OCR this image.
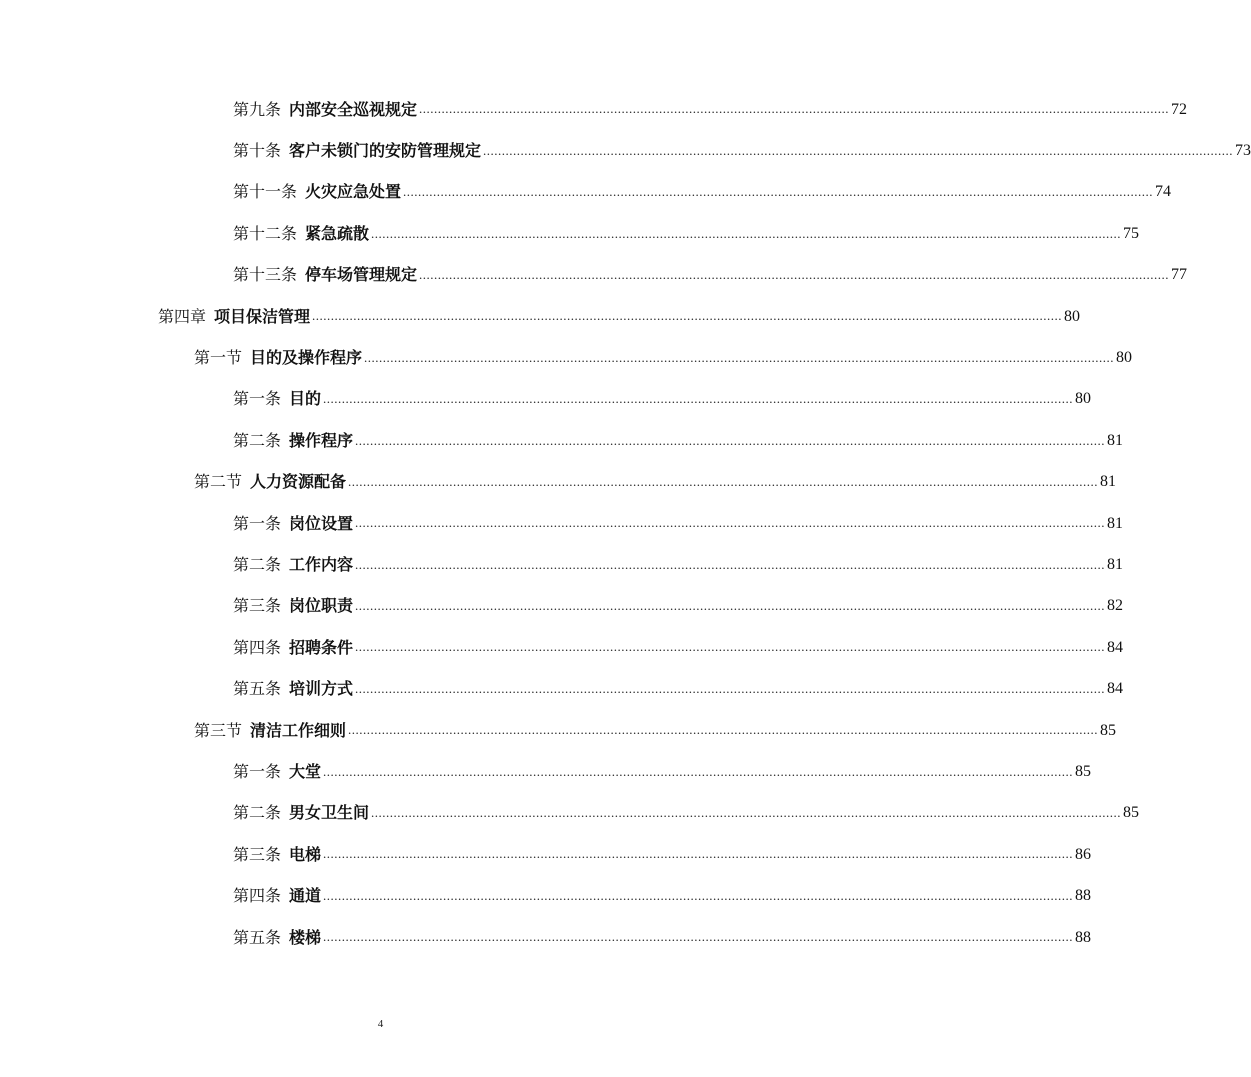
第九条 内部安全巡视规定 ........................................................................................................................................................................................................ 72
第十条 客户未锁门的安防管理规定 ........................................................................................................................................................................................................ 73
第十一条 火灾应急处置 ........................................................................................................................................................................................................ 74
第十二条 紧急疏散 ........................................................................................................................................................................................................ 75
第十三条 停车场管理规定 ........................................................................................................................................................................................................ 77
第四章 项目保洁管理 ........................................................................................................................................................................................................ 80
第一节 目的及操作程序 ........................................................................................................................................................................................................ 80
第一条 目的 ........................................................................................................................................................................................................ 80
第二条 操作程序 ........................................................................................................................................................................................................ 81
第二节 人力资源配备 ........................................................................................................................................................................................................ 81
第一条 岗位设置 ........................................................................................................................................................................................................ 81
第二条 工作内容 ........................................................................................................................................................................................................ 81
第三条 岗位职责 ........................................................................................................................................................................................................ 82
第四条 招聘条件 ........................................................................................................................................................................................................ 84
第五条 培训方式 ........................................................................................................................................................................................................ 84
第三节 清洁工作细则 ........................................................................................................................................................................................................ 85
第一条 大堂 ........................................................................................................................................................................................................ 85
第二条 男女卫生间 ........................................................................................................................................................................................................ 85
第三条 电梯 ........................................................................................................................................................................................................ 86
第四条 通道 ........................................................................................................................................................................................................ 88
第五条 楼梯 ........................................................................................................................................................................................................ 88
4
